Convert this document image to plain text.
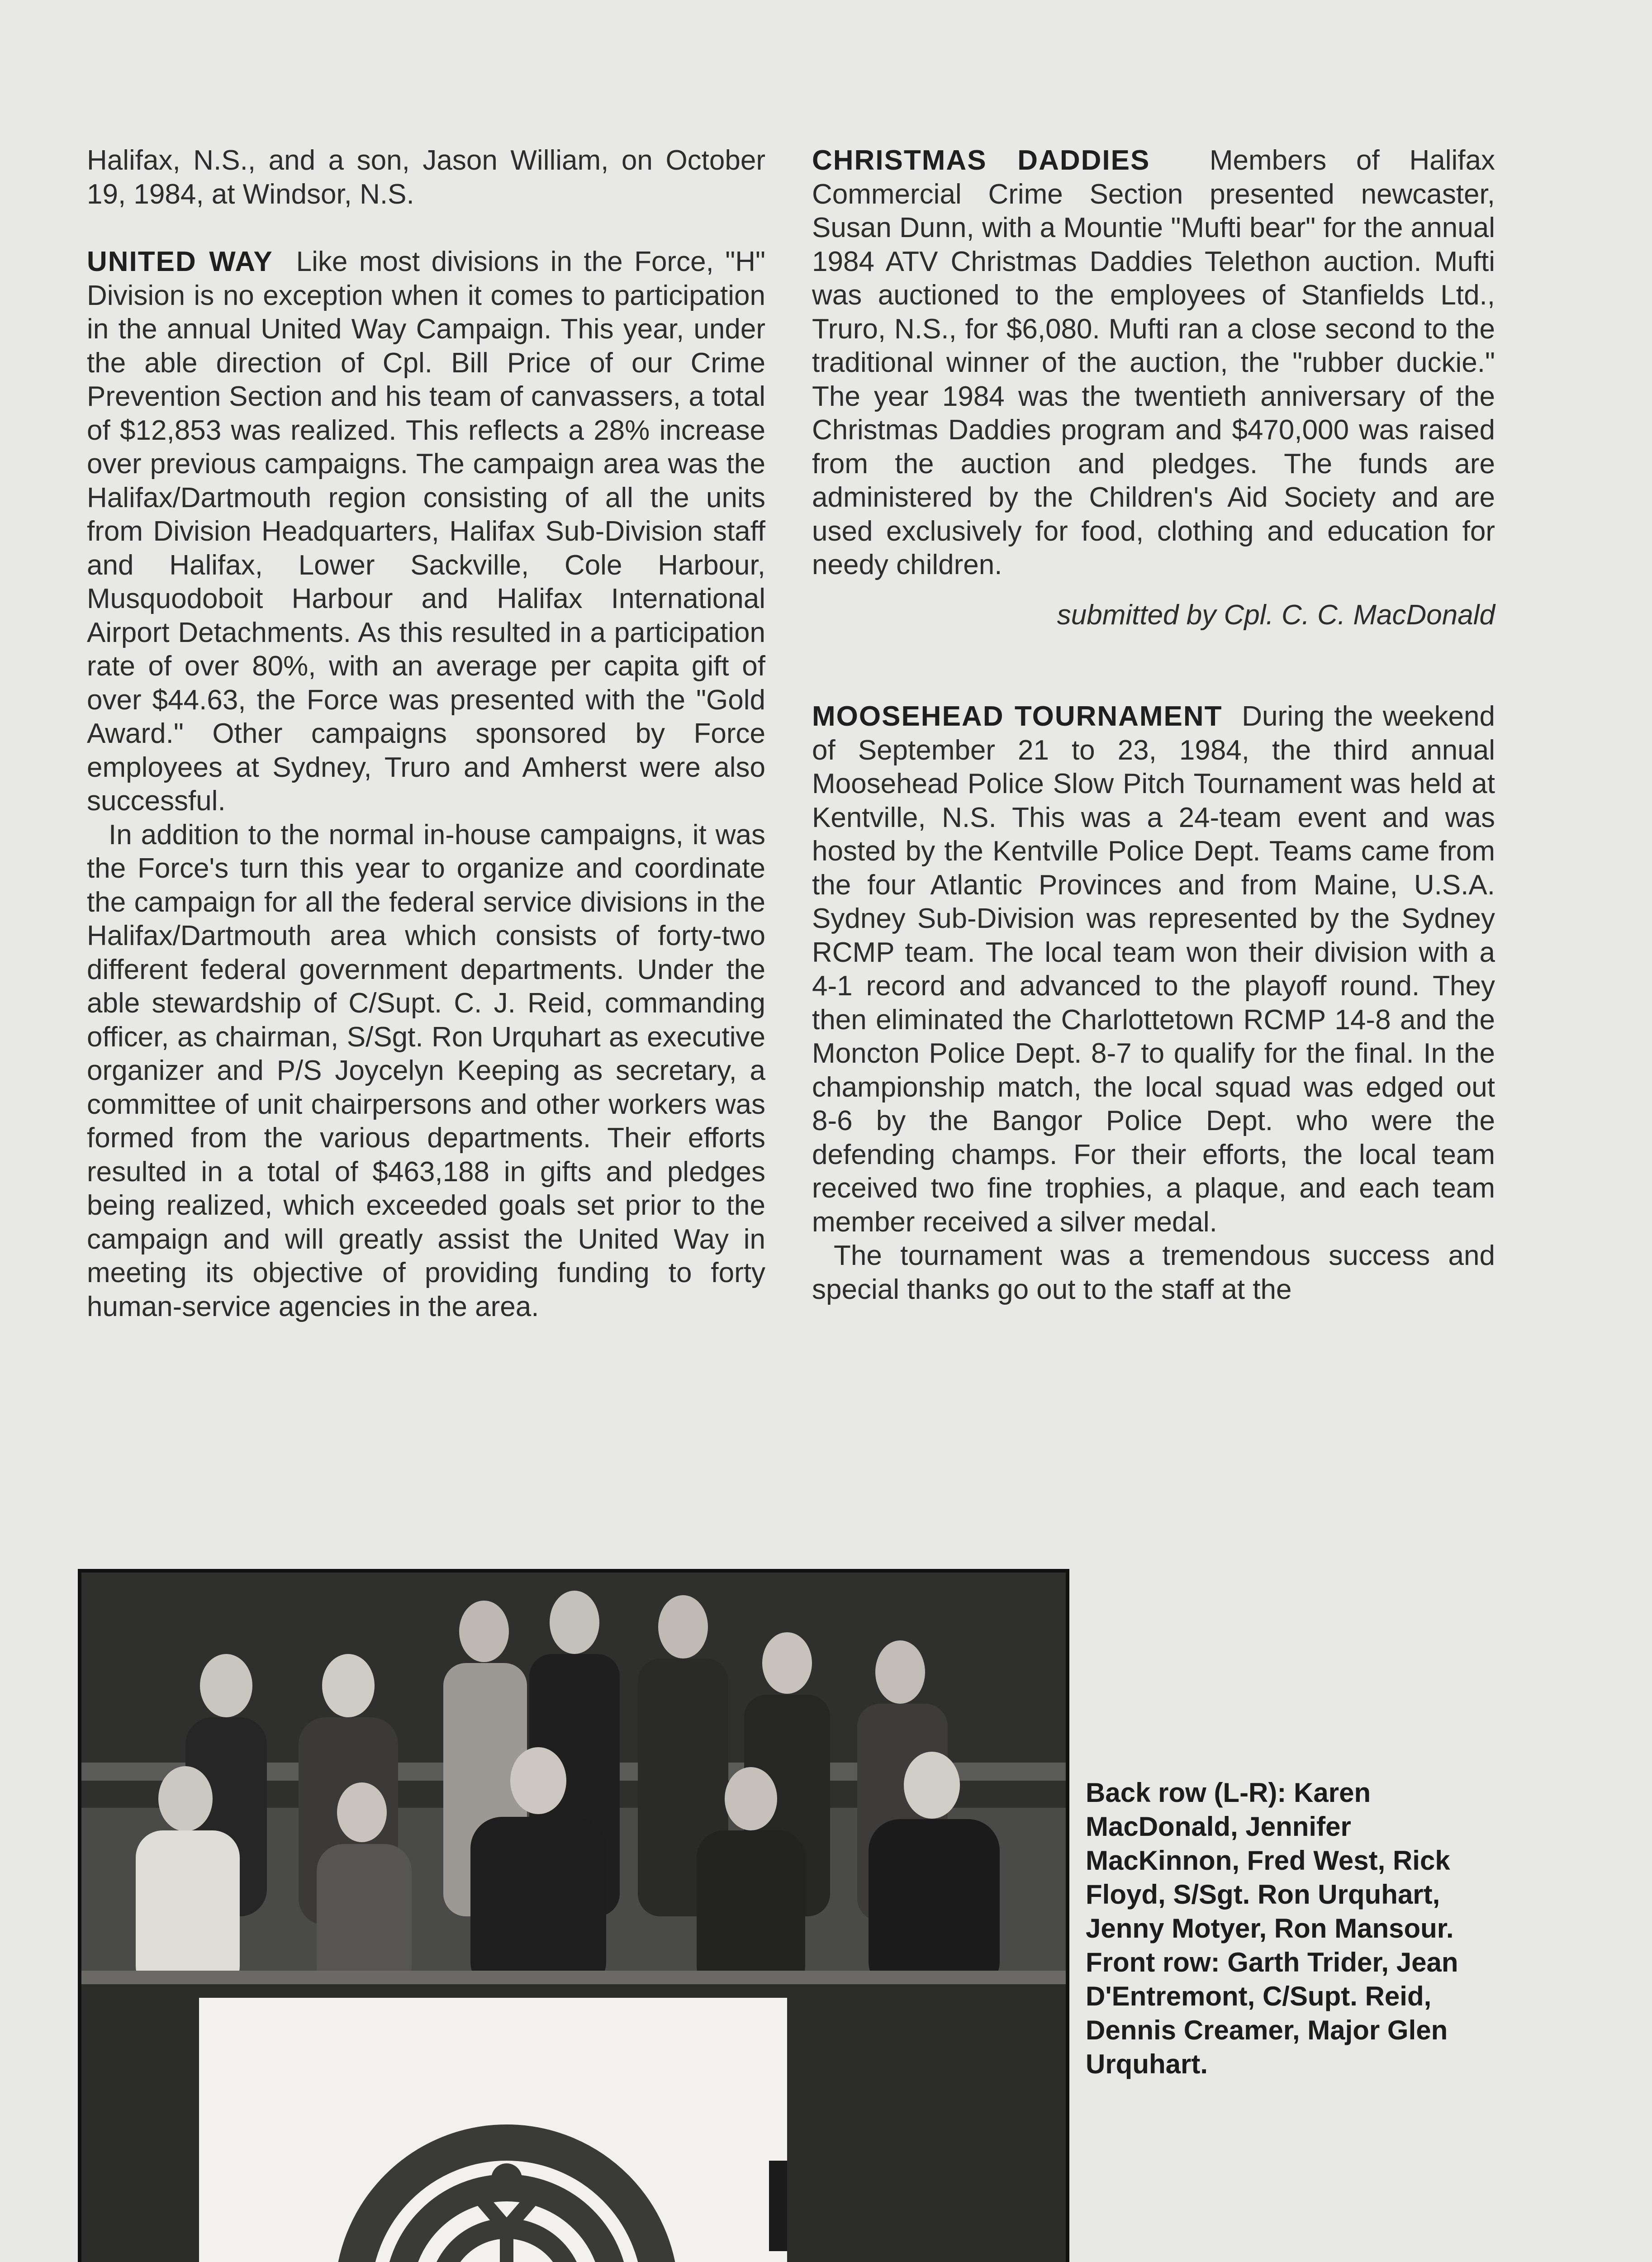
Halifax, N.S., and a son, Jason William, on October 19, 1984, at Windsor, N.S.

UNITED WAY Like most divisions in the Force, "H" Division is no exception when it comes to participation in the annual United Way Campaign. This year, under the able direction of Cpl. Bill Price of our Crime Prevention Section and his team of canvassers, a total of $12,853 was realized. This reflects a 28% increase over previous campaigns. The campaign area was the Halifax/Dartmouth region consisting of all the units from Division Headquarters, Halifax Sub-Division staff and Halifax, Lower Sackville, Cole Harbour, Musquodoboit Harbour and Halifax International Airport Detachments. As this resulted in a participation rate of over 80%, with an average per capita gift of over $44.63, the Force was presented with the "Gold Award." Other campaigns sponsored by Force employees at Sydney, Truro and Amherst were also successful.

In addition to the normal in-house campaigns, it was the Force's turn this year to organize and coordinate the campaign for all the federal service divisions in the Halifax/Dartmouth area which consists of forty-two different federal government departments. Under the able stewardship of C/Supt. C. J. Reid, commanding officer, as chairman, S/Sgt. Ron Urquhart as executive organizer and P/S Joycelyn Keeping as secretary, a committee of unit chairpersons and other workers was formed from the various departments. Their efforts resulted in a total of $463,188 in gifts and pledges being realized, which exceeded goals set prior to the campaign and will greatly assist the United Way in meeting its objective of providing funding to forty human-service agencies in the area.

CHRISTMAS DADDIES Members of Halifax Commercial Crime Section presented newcaster, Susan Dunn, with a Mountie "Mufti bear" for the annual 1984 ATV Christmas Daddies Telethon auction. Mufti was auctioned to the employees of Stanfields Ltd., Truro, N.S., for $6,080. Mufti ran a close second to the traditional winner of the auction, the "rubber duckie." The year 1984 was the twentieth anniversary of the Christmas Daddies program and $470,000 was raised from the auction and pledges. The funds are administered by the Children's Aid Society and are used exclusively for food, clothing and education for needy children.

submitted by Cpl. C. C. MacDonald

MOOSEHEAD TOURNAMENT During the weekend of September 21 to 23, 1984, the third annual Moosehead Police Slow Pitch Tournament was held at Kentville, N.S. This was a 24-team event and was hosted by the Kentville Police Dept. Teams came from the four Atlantic Provinces and from Maine, U.S.A. Sydney Sub-Division was represented by the Sydney RCMP team. The local team won their division with a 4-1 record and advanced to the playoff round. They then eliminated the Charlottetown RCMP 14-8 and the Moncton Police Dept. 8-7 to qualify for the final. In the championship match, the local squad was edged out 8-6 by the Bangor Police Dept. who were the defending champs. For their efforts, the local team received two fine trophies, a plaque, and each team member received a silver medal.

The tournament was a tremendous success and special thanks go out to the staff at the

Back row (L-R): Karen MacDonald, Jennifer MacKinnon, Fred West, Rick Floyd, S/Sgt. Ron Urquhart, Jenny Motyer, Ron Mansour. Front row: Garth Trider, Jean D'Entremont, C/Supt. Reid, Dennis Creamer, Major Glen Urquhart.
